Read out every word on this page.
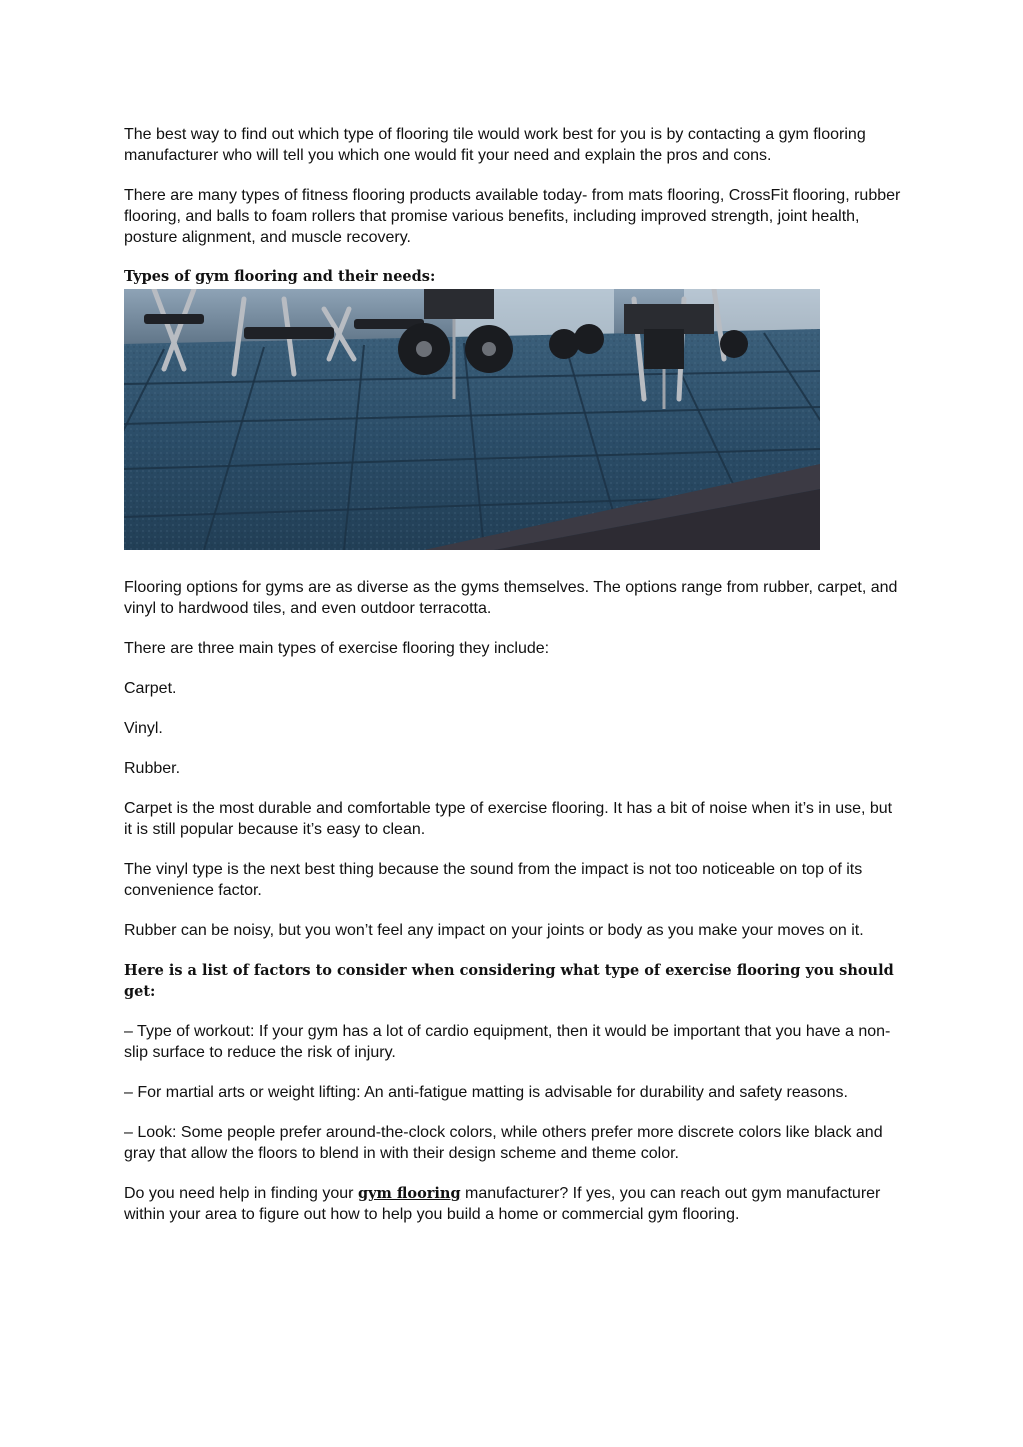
The best way to find out which type of flooring tile would work best for you is by contacting a gym flooring manufacturer who will tell you which one would fit your need and explain the pros and cons.

There are many types of fitness flooring products available today- from mats flooring, CrossFit flooring, rubber flooring, and balls to foam rollers that promise various benefits, including improved strength, joint health, posture alignment, and muscle recovery.

Types of gym flooring and their needs:

Flooring options for gyms are as diverse as the gyms themselves. The options range from rubber, carpet, and vinyl to hardwood tiles, and even outdoor terracotta.

There are three main types of exercise flooring they include:

Carpet.

Vinyl.

Rubber.

Carpet is the most durable and comfortable type of exercise flooring. It has a bit of noise when it’s in use, but it is still popular because it’s easy to clean.

The vinyl type is the next best thing because the sound from the impact is not too noticeable on top of its convenience factor.

Rubber can be noisy, but you won’t feel any impact on your joints or body as you make your moves on it.

Here is a list of factors to consider when considering what type of exercise flooring you should get:

– Type of workout: If your gym has a lot of cardio equipment, then it would be important that you have a non-slip surface to reduce the risk of injury.

– For martial arts or weight lifting: An anti-fatigue matting is advisable for durability and safety reasons.

– Look: Some people prefer around-the-clock colors, while others prefer more discrete colors like black and gray that allow the floors to blend in with their design scheme and theme color.

Do you need help in finding your gym flooring manufacturer? If yes, you can reach out gym manufacturer within your area to figure out how to help you build a home or commercial gym flooring.
